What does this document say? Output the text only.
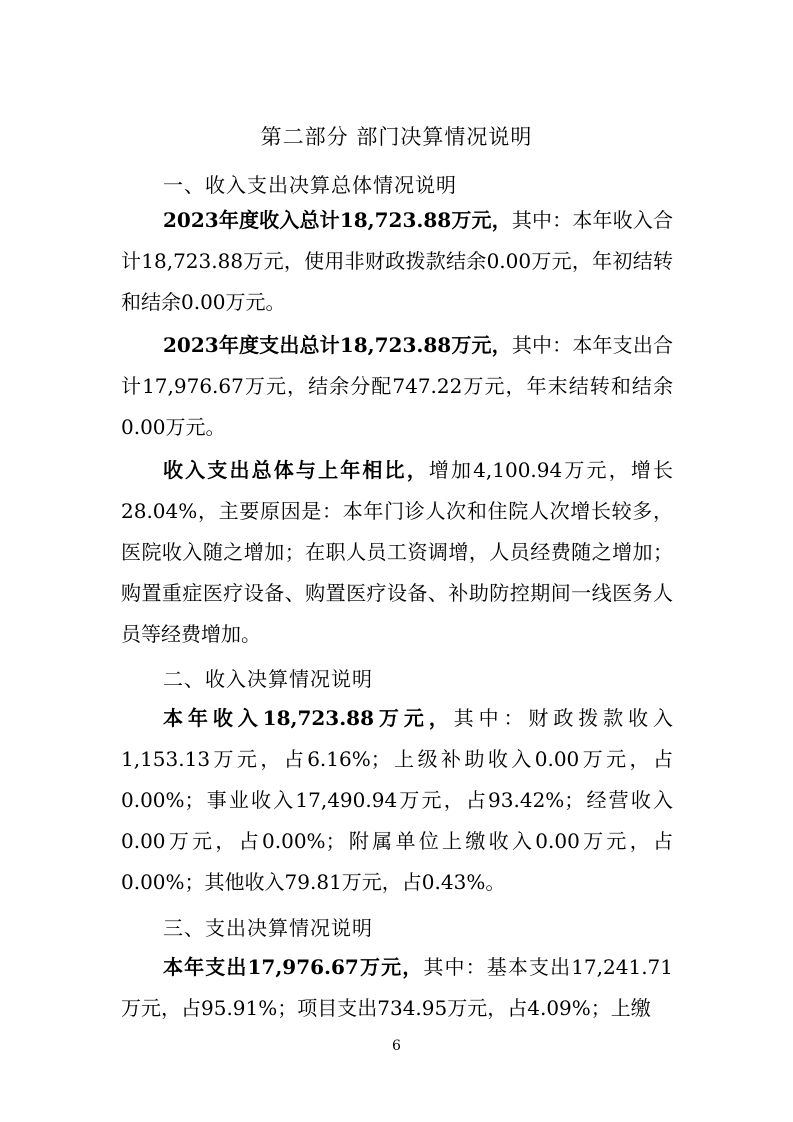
第二部分 部门决算情况说明
一、收入支出决算总体情况说明

2023年度收入总计18,723.88万元，其中：本年收入合计18,723.88万元，使用非财政拨款结余0.00万元，年初结转和结余0.00万元。

2023年度支出总计18,723.88万元，其中：本年支出合计17,976.67万元，结余分配747.22万元，年末结转和结余0.00万元。

收入支出总体与上年相比，增加4,100.94万元，增长28.04%，主要原因是：本年门诊人次和住院人次增长较多，医院收入随之增加；在职人员工资调增，人员经费随之增加；购置重症医疗设备、购置医疗设备、补助防控期间一线医务人员等经费增加。

二、收入决算情况说明

本年收入18,723.88万元，其中：财政拨款收入1,153.13万元，占6.16%；上级补助收入0.00万元，占0.00%；事业收入17,490.94万元，占93.42%；经营收入0.00万元，占0.00%；附属单位上缴收入0.00万元，占0.00%；其他收入79.81万元，占0.43%。

三、支出决算情况说明

本年支出17,976.67万元，其中：基本支出17,241.71万元，占95.91%；项目支出734.95万元，占4.09%；上缴

6
